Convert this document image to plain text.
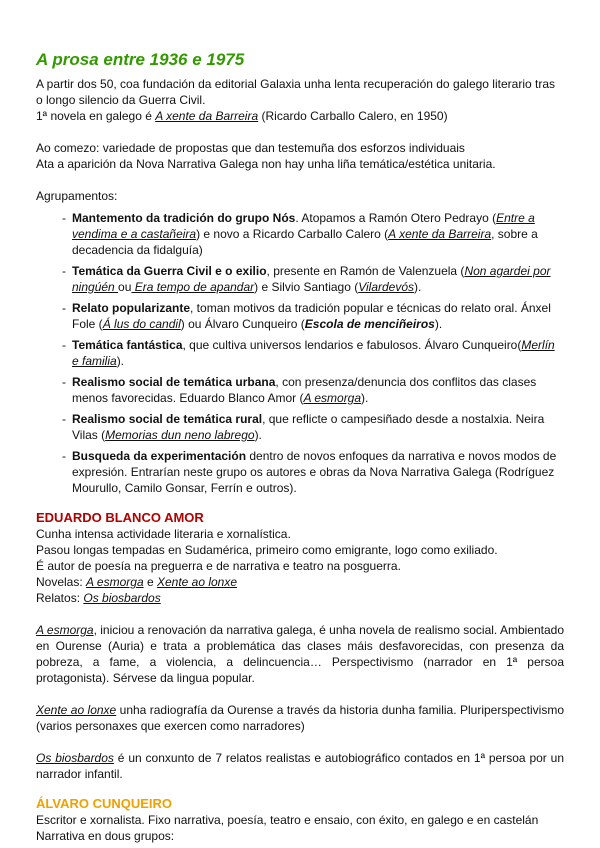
A prosa entre 1936 e 1975

A partir dos 50, coa fundación da editorial Galaxia unha lenta recuperación do galego literario tras o longo silencio da Guerra Civil.

1ª novela en galego é A xente da Barreira (Ricardo Carballo Calero, en 1950)

Ao comezo: variedade de propostas que dan testemuña dos esforzos individuais

Ata a aparición da Nova Narrativa Galega non hay unha liña temática/estética unitaria.

Agrupamentos:

- Mantemento da tradición do grupo Nós. Atopamos a Ramón Otero Pedrayo (Entre a vendima e a castañeira) e novo a Ricardo Carballo Calero (A xente da Barreira, sobre a decadencia da fidalguía)
- Temática da Guerra Civil e o exilio, presente en Ramón de Valenzuela (Non agardei por ningúén ou Era tempo de apandar) e Silvio Santiago (Vilardevós).
- Relato popularizante, toman motivos da tradición popular e técnicas do relato oral. Ánxel Fole (Á lus do candil) ou Álvaro Cunqueiro (Escola de menciñeiros).
- Temática fantástica, que cultiva universos lendarios e fabulosos. Álvaro Cunqueiro(Merlín e familia).
- Realismo social de temática urbana, con presenza/denuncia dos conflitos das clases menos favorecidas. Eduardo Blanco Amor (A esmorga).
- Realismo social de temática rural, que reflicte o campesiñado desde a nostalxia. Neira Vilas (Memorias dun neno labrego).
- Busqueda da experimentación dentro de novos enfoques da narrativa e novos modos de expresión. Entrarían neste grupo os autores e obras da Nova Narrativa Galega (Rodríguez Mourullo, Camilo Gonsar, Ferrín e outros).
EDUARDO BLANCO AMOR

Cunha intensa actividade literaria e xornalística.

Pasou longas tempadas en Sudamérica, primeiro como emigrante, logo como exiliado.

É autor de poesía na preguerra e de narrativa e teatro na posguerra.

Novelas: A esmorga e Xente ao lonxe

Relatos: Os biosbardos

A esmorga, iniciou a renovación da narrativa galega, é unha novela de realismo social. Ambientado en Ourense (Auria) e trata a problemática das clases máis desfavorecidas, con presenza da pobreza, a fame, a violencia, a delincuencia… Perspectivismo (narrador en 1ª persoa protagonista). Sérvese da lingua popular.

Xente ao lonxe unha radiografía da Ourense a través da historia dunha familia. Pluriperspectivismo (varios personaxes que exercen como narradores)

Os biosbardos é un conxunto de 7 relatos realistas e autobiográfico contados en 1ª persoa por un narrador infantil.

ÁLVARO CUNQUEIRO

Escritor e xornalista. Fixo narrativa, poesía, teatro e ensaio, con éxito, en galego e en castelán

Narrativa en dous grupos:
